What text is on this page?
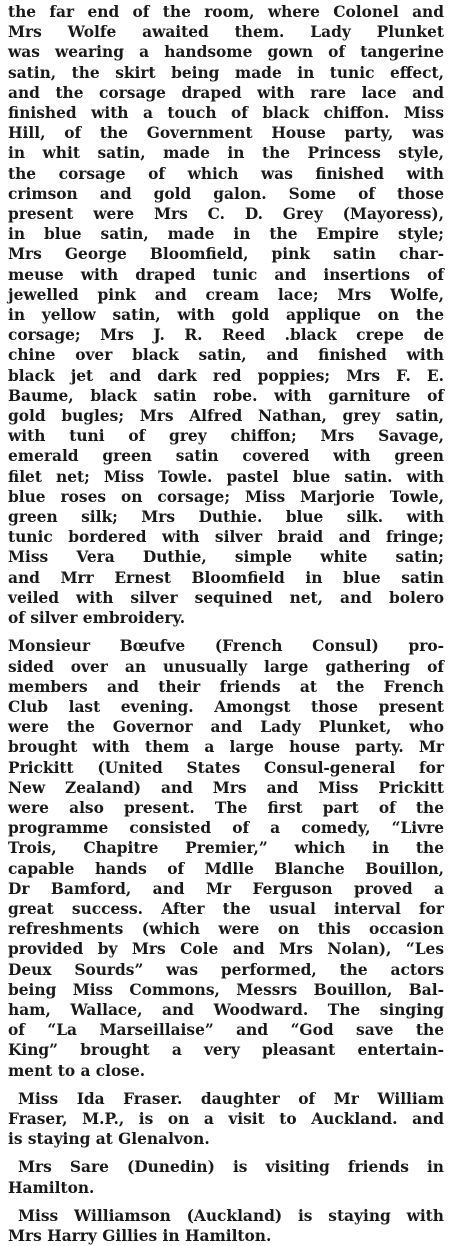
the far end of the room, where Colonel and
Mrs Wolfe awaited them. Lady Plunket
was wearing a handsome gown of tangerine
satin, the skirt being made in tunic effect,
and the corsage draped with rare lace and
finished with a touch of black chiffon. Miss
Hill, of the Government House party, was
in whit satin, made in the Princess style,
the corsage of which was finished with
crimson and gold galon. Some of those
present were Mrs C. D. Grey (Mayoress),
in blue satin, made in the Empire style;
Mrs George Bloomfield, pink satin char-
meuse with draped tunic and insertions of
jewelled pink and cream lace; Mrs Wolfe,
in yellow satin, with gold applique on the
corsage; Mrs J. R. Reed .black crepe de
chine over black satin, and finished with
black jet and dark red poppies; Mrs F. E.
Baume, black satin robe. with garniture of
gold bugles; Mrs Alfred Nathan, grey satin,
with tuni of grey chiffon; Mrs Savage,
emerald green satin covered with green
filet net; Miss Towle. pastel blue satin. with
blue roses on corsage; Miss Marjorie Towle,
green silk; Mrs Duthie. blue silk. with
tunic bordered with silver braid and fringe;
Miss Vera Duthie, simple white satin;
and Mrr Ernest Bloomfield in blue satin
veiled with silver sequined net, and bolero
of silver embroidery.
Monsieur Bœufve (French Consul) pro-
sided over an unusually large gathering of
members and their friends at the French
Club last evening. Amongst those present
were the Governor and Lady Plunket, who
brought with them a large house party. Mr
Prickitt (United States Consul-general for
New Zealand) and Mrs and Miss Prickitt
were also present. The first part of the
programme consisted of a comedy, “Livre
Trois, Chapitre Premier,” which in the
capable hands of Mdlle Blanche Bouillon,
Dr Bamford, and Mr Ferguson proved a
great success. After the usual interval for
refreshments (which were on this occasion
provided by Mrs Cole and Mrs Nolan), “Les
Deux Sourds” was performed, the actors
being Miss Commons, Messrs Bouillon, Bal-
ham, Wallace, and Woodward. The singing
of “La Marseillaise” and “God save the
King” brought a very pleasant entertain-
ment to a close.
Miss Ida Fraser. daughter of Mr William
Fraser, M.P., is on a visit to Auckland. and
is staying at Glenalvon.
Mrs Sare (Dunedin) is visiting friends in
Hamilton.
Miss Williamson (Auckland) is staying with
Mrs Harry Gillies in Hamilton.
